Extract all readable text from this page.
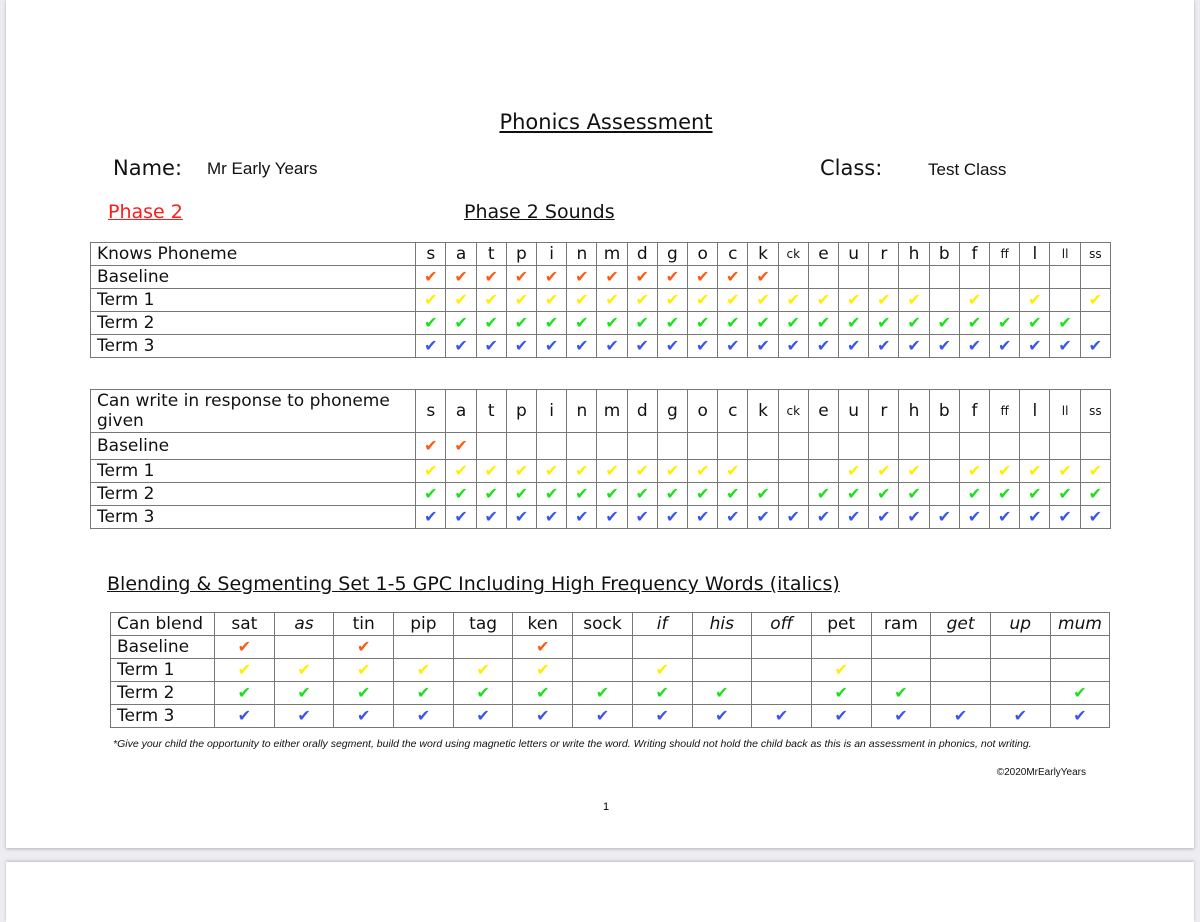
Phonics Assessment
Name: Mr Early Years	Class:	Test Class
Phase 2	Phase 2 Sounds
Knows Phoneme	s	a	t	p	i	n	m	d	g	o	c	k	ck	e	u	r	h	b	f	ff	l	ll	ss
Baseline	✔	✔	✔	✔	✔	✔	✔	✔	✔	✔	✔	✔											
Term 1	✔	✔	✔	✔	✔	✔	✔	✔	✔	✔	✔	✔	✔	✔	✔	✔	✔		✔		✔		✔
Term 2	✔	✔	✔	✔	✔	✔	✔	✔	✔	✔	✔	✔	✔	✔	✔	✔	✔	✔	✔	✔	✔	✔	
Term 3	✔	✔	✔	✔	✔	✔	✔	✔	✔	✔	✔	✔	✔	✔	✔	✔	✔	✔	✔	✔	✔	✔	✔
Can write in response to phoneme given	s	a	t	p	i	n	m	d	g	o	c	k	ck	e	u	r	h	b	f	ff	l	ll	ss
Baseline	✔	✔																					
Term 1	✔	✔	✔	✔	✔	✔	✔	✔	✔	✔	✔				✔	✔	✔		✔	✔	✔	✔	✔
Term 2	✔	✔	✔	✔	✔	✔	✔	✔	✔	✔	✔	✔		✔	✔	✔	✔		✔	✔	✔	✔	✔
Term 3	✔	✔	✔	✔	✔	✔	✔	✔	✔	✔	✔	✔	✔	✔	✔	✔	✔	✔	✔	✔	✔	✔	✔
Blending & Segmenting Set 1-5 GPC Including High Frequency Words (italics)
Can blend	sat	as	tin	pip	tag	ken	sock	if	his	off	pet	ram	get	up	mum
Baseline	✔		✔			✔									
Term 1	✔	✔	✔	✔	✔	✔		✔			✔				
Term 2	✔	✔	✔	✔	✔	✔	✔	✔	✔		✔	✔			✔
Term 3	✔	✔	✔	✔	✔	✔	✔	✔	✔	✔	✔	✔	✔	✔	✔
*Give your child the opportunity to either orally segment, build the word using magnetic letters or write the word. Writing should not hold the child back as this is an assessment in phonics, not writing.
©2020MrEarlyYears
1
